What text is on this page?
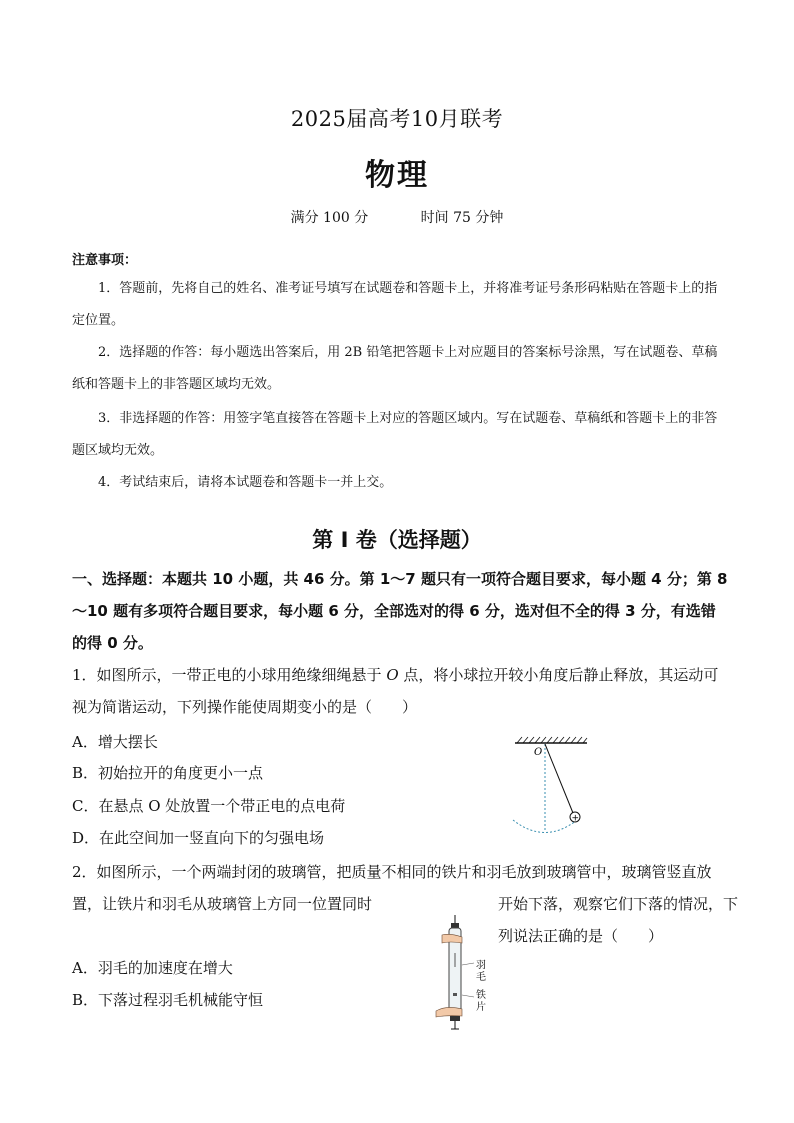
2025届高考10月联考
物理
满分 100 分	时间 75 分钟
注意事项：
1．答题前，先将自己的姓名、准考证号填写在试题卷和答题卡上，并将准考证号条形码粘贴在答题卡上的指定位置。
2．选择题的作答：每小题选出答案后，用 2B 铅笔把答题卡上对应题目的答案标号涂黑，写在试题卷、草稿纸和答题卡上的非答题区域均无效。
3．非选择题的作答：用签字笔直接答在答题卡上对应的答题区域内。写在试题卷、草稿纸和答题卡上的非答题区域均无效。
4．考试结束后，请将本试题卷和答题卡一并上交。
第 I 卷（选择题）
一、选择题：本题共 10 小题，共 46 分。第 1～7 题只有一项符合题目要求，每小题 4 分；第 8～10 题有多项符合题目要求，每小题 6 分，全部选对的得 6 分，选对但不全的得 3 分，有选错的得 0 分。
1．如图所示，一带正电的小球用绝缘细绳悬于 O 点，将小球拉开较小角度后静止释放，其运动可视为简谐运动，下列操作能使周期变小的是（　　）
A．增大摆长
B．初始拉开的角度更小一点
C．在悬点 O 处放置一个带正电的点电荷
D．在此空间加一竖直向下的匀强电场
O
+
2．如图所示，一个两端封闭的玻璃管，把质量不相同的铁片和羽毛放到玻璃管中，玻璃管竖直放置，让铁片和羽毛从玻璃管上方同一位置同时	开始下落，观察它们下落的情况，下列说法正确的是（　　）
A．羽毛的加速度在增大
B．下落过程羽毛机械能守恒
羽
毛
铁
片
